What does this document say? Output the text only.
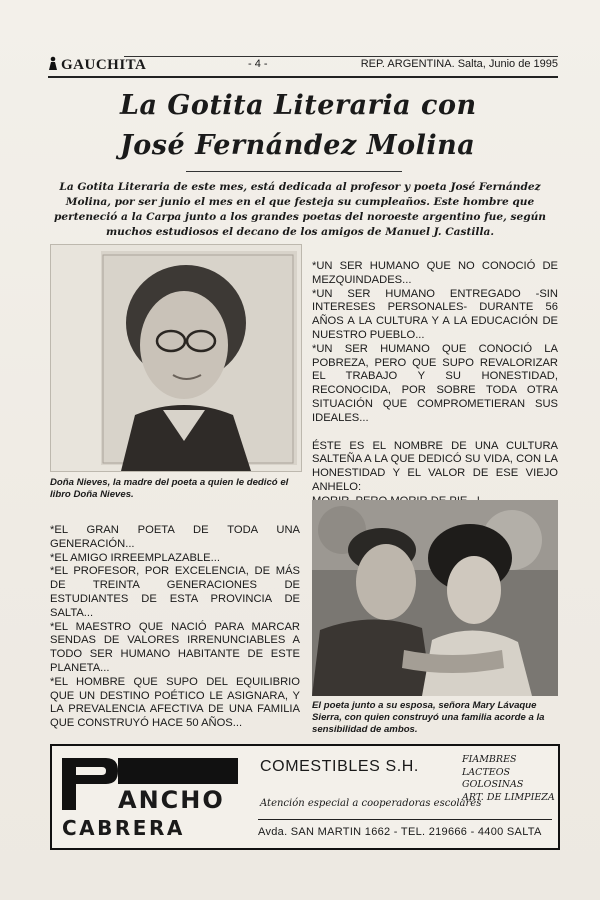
GAUCHITA	- 4 -	REP. ARGENTINA. Salta, Junio de 1995
La Gotita Literaria con
José Fernández Molina
La Gotita Literaria de este mes, está dedicada al profesor y poeta José Fernández Molina, por ser junio el mes en el que festeja su cumpleaños. Este hombre que perteneció a la Carpa junto a los grandes poetas del noroeste argentino fue, según muchos estudiosos el decano de los amigos de Manuel J. Castilla.
Doña Nieves, la madre del poeta a quien le dedicó el libro Doña Nieves.

*UN SER HUMANO QUE NO CONOCIÓ DE MEZQUINDADES...

*UN SER HUMANO ENTREGADO -SIN INTERESES PERSONALES- DURANTE 56 AÑOS A LA CULTURA Y A LA EDUCACIÓN DE NUESTRO PUEBLO...

*UN SER HUMANO QUE CONOCIÓ LA POBREZA, PERO QUE SUPO REVALORIZAR EL TRABAJO Y SU HONESTIDAD, RECONOCIDA, POR SOBRE TODA OTRA SITUACIÓN QUE COMPROMETIERAN SUS IDEALES...

ÉSTE ES EL NOMBRE DE UNA CULTURA SALTEÑA A LA QUE DEDICÓ SU VIDA, CON LA HONESTIDAD Y EL VALOR DE ESE VIEJO ANHELO:

El poeta junto a su esposa, señora Mary Lávaque Sierra, con quien construyó una familia acorde a la sensibilidad de ambos.

*EL GRAN POETA DE TODA UNA GENERACIÓN...

*EL AMIGO IRREEMPLAZABLE...

*EL PROFESOR, POR EXCELENCIA, DE MÁS DE TREINTA GENERACIONES DE ESTUDIANTES DE ESTA PROVINCIA DE SALTA...

*EL MAESTRO QUE NACIÓ PARA MARCAR SENDAS DE VALORES IRRENUNCIABLES A TODO SER HUMANO HABITANTE DE ESTE PLANETA...

*EL HOMBRE QUE SUPO DEL EQUILIBRIO QUE UN DESTINO POÉTICO LE ASIGNARA, Y LA PREVALENCIA AFECTIVA DE UNA FAMILIA QUE CONSTRUYÓ HACE 50 AÑOS...

ANCHO
CABRERA
COMESTIBLES S.H.
Atención especial a cooperadoras escolares
FIAMBRES
LACTEOS
GOLOSINAS
ART. DE LIMPIEZA
Avda. SAN MARTIN 1662 - TEL. 219666 - 4400 SALTA
